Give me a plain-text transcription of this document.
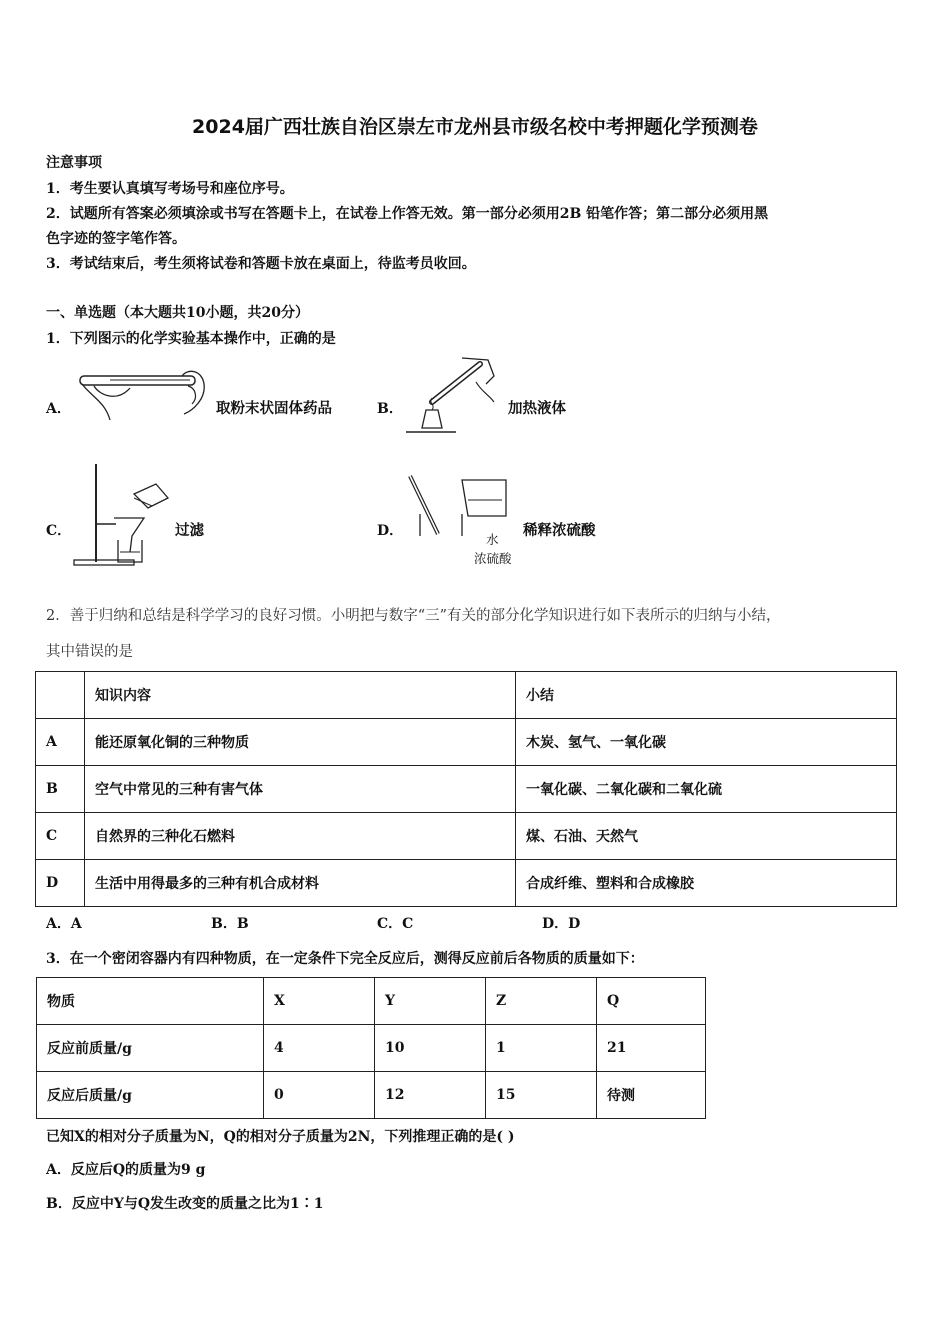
2024届广西壮族自治区崇左市龙州县市级名校中考押题化学预测卷
注意事项
1．考生要认真填写考场号和座位序号。
2．试题所有答案必须填涂或书写在答题卡上，在试卷上作答无效。第一部分必须用2B 铅笔作答；第二部分必须用黑
色字迹的签字笔作答。
3．考试结束后，考生须将试卷和答题卡放在桌面上，待监考员收回。
一、单选题（本大题共10小题，共20分）
1．下列图示的化学实验基本操作中，正确的是
A．	取粉末状固体药品	B．	加热液体
C．	过滤	D．
水
浓硫酸
稀释浓硫酸
2．善于归纳和总结是科学学习的良好习惯。小明把与数字“三”有关的部分化学知识进行如下表所示的归纳与小结，
其中错误的是
	知识内容	小结
A	能还原氧化铜的三种物质	木炭、氢气、一氧化碳
B	空气中常见的三种有害气体	一氧化碳、二氧化碳和二氧化硫
C	自然界的三种化石燃料	煤、石油、天然气
D	生活中用得最多的三种有机合成材料	合成纤维、塑料和合成橡胶
A．A	B．B	C．C	D．D
3．在一个密闭容器内有四种物质，在一定条件下完全反应后，测得反应前后各物质的质量如下：
物质	X	Y	Z	Q
反应前质量/g	4	10	1	21
反应后质量/g	0	12	15	待测
已知X的相对分子质量为N，Q的相对分子质量为2N，下列推理正确的是( )
A．反应后Q的质量为9 g
B．反应中Y与Q发生改变的质量之比为1∶1
